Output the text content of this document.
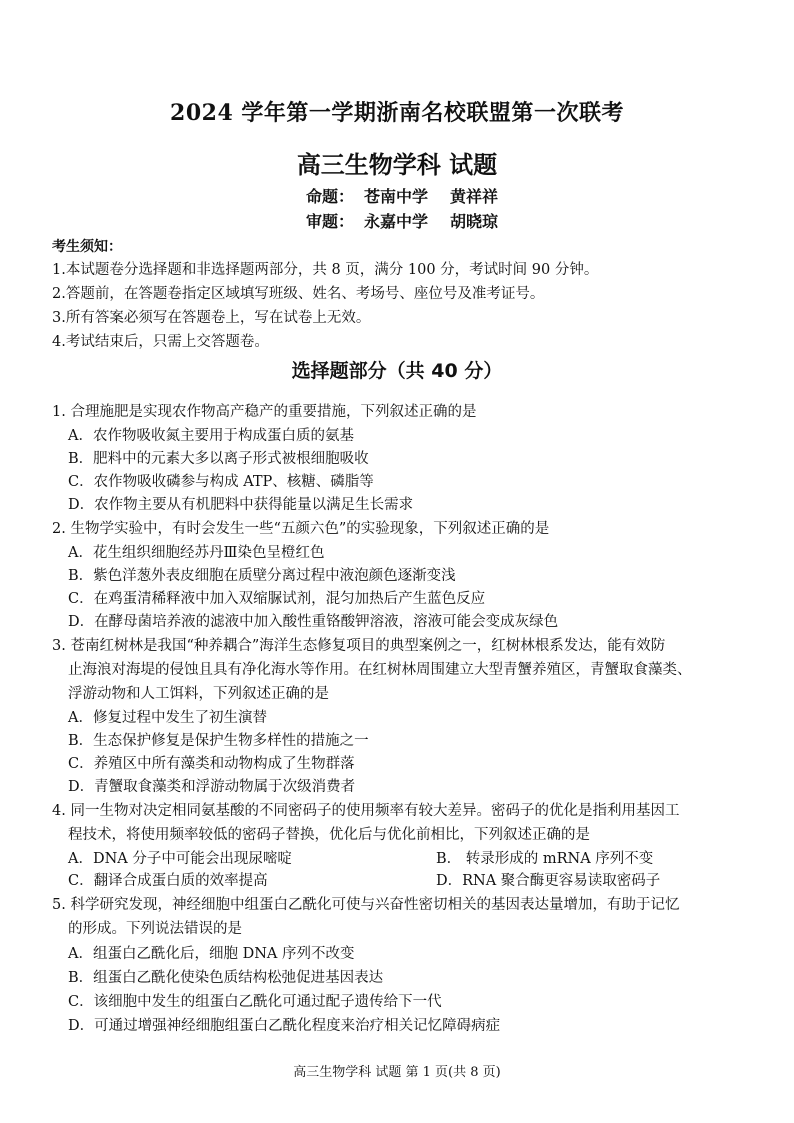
2024 学年第一学期浙南名校联盟第一次联考
高三生物学科 试题
命题： 苍南中学 黄祥祥
审题： 永嘉中学 胡晓琼
考生须知：
1.本试题卷分选择题和非选择题两部分，共 8 页，满分 100 分，考试时间 90 分钟。
2.答题前，在答题卷指定区域填写班级、姓名、考场号、座位号及准考证号。
3.所有答案必须写在答题卷上，写在试卷上无效。
4.考试结束后，只需上交答题卷。
选择题部分（共 40 分）
1. 合理施肥是实现农作物高产稳产的重要措施，下列叙述正确的是
A．农作物吸收氮主要用于构成蛋白质的氨基
B．肥料中的元素大多以离子形式被根细胞吸收
C．农作物吸收磷参与构成 ATP、核糖、磷脂等
D．农作物主要从有机肥料中获得能量以满足生长需求
2. 生物学实验中，有时会发生一些“五颜六色”的实验现象，下列叙述正确的是
A．花生组织细胞经苏丹Ⅲ染色呈橙红色
B．紫色洋葱外表皮细胞在质壁分离过程中液泡颜色逐渐变浅
C．在鸡蛋清稀释液中加入双缩脲试剂，混匀加热后产生蓝色反应
D．在酵母菌培养液的滤液中加入酸性重铬酸钾溶液，溶液可能会变成灰绿色
3. 苍南红树林是我国“种养耦合”海洋生态修复项目的典型案例之一，红树林根系发达，能有效防
止海浪对海堤的侵蚀且具有净化海水等作用。在红树林周围建立大型青蟹养殖区，青蟹取食藻类、
浮游动物和人工饵料，下列叙述正确的是
A．修复过程中发生了初生演替
B．生态保护修复是保护生物多样性的措施之一
C．养殖区中所有藻类和动物构成了生物群落
D．青蟹取食藻类和浮游动物属于次级消费者
4. 同一生物对决定相同氨基酸的不同密码子的使用频率有较大差异。密码子的优化是指利用基因工
程技术，将使用频率较低的密码子替换，优化后与优化前相比，下列叙述正确的是
A．DNA 分子中可能会出现尿嘧啶	B． 转录形成的 mRNA 序列不变
C．翻译合成蛋白质的效率提高	D．RNA 聚合酶更容易读取密码子
5. 科学研究发现，神经细胞中组蛋白乙酰化可使与兴奋性密切相关的基因表达量增加，有助于记忆
的形成。下列说法错误的是
A．组蛋白乙酰化后，细胞 DNA 序列不改变
B．组蛋白乙酰化使染色质结构松弛促进基因表达
C．该细胞中发生的组蛋白乙酰化可通过配子遗传给下一代
D．可通过增强神经细胞组蛋白乙酰化程度来治疗相关记忆障碍病症
高三生物学科 试题 第 1 页(共 8 页)
